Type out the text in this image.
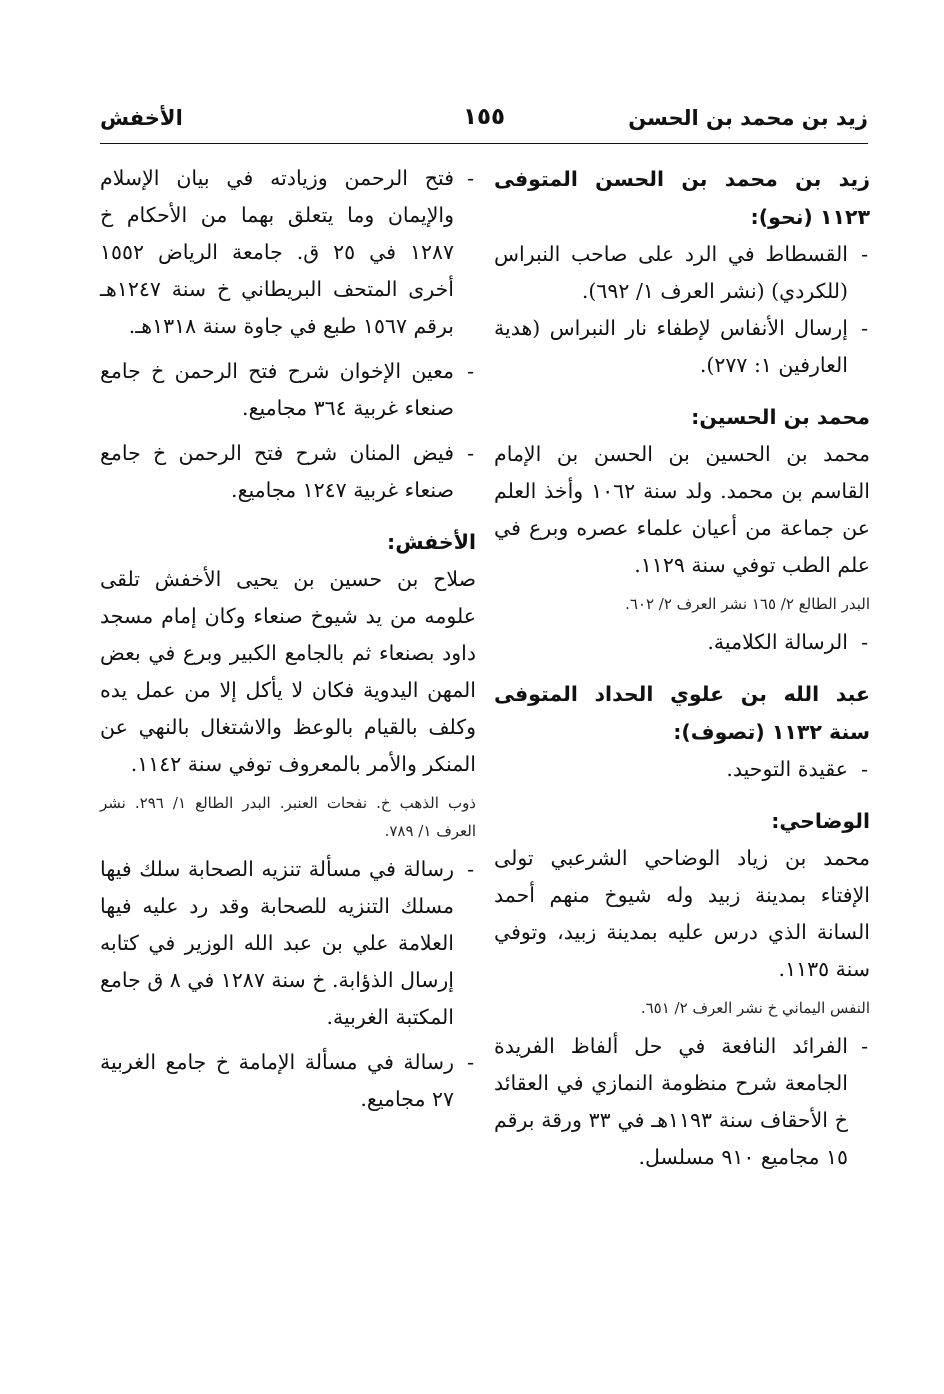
زيد بن محمد بن الحسن
١٥٥
الأخفش

زيد بن محمد بن الحسن المتوفى ١١٢٣ (نحو):

- القسطاط في الرد على صاحب النبراس (للكردي) (نشر العرف ١/ ٦٩٢).

- إرسال الأنفاس لإطفاء نار النبراس (هدية العارفين ١: ٢٧٧).

محمد بن الحسين:

محمد بن الحسين بن الحسن بن الإمام القاسم بن محمد. ولد سنة ١٠٦٢ وأخذ العلم عن جماعة من أعيان علماء عصره وبرع في علم الطب توفي سنة ١١٢٩.

البدر الطالع ٢/ ١٦٥ نشر العرف ٢/ ٦٠٢.

- الرسالة الكلامية.

عبد الله بن علوي الحداد المتوفى سنة ١١٣٢ (تصوف):

- عقيدة التوحيد.

الوضاحي:

محمد بن زياد الوضاحي الشرعبي تولى الإفتاء بمدينة زبيد وله شيوخ منهم أحمد السانة الذي درس عليه بمدينة زبيد، وتوفي سنة ١١٣٥.

النفس اليماني خ نشر العرف ٢/ ٦٥١.

- الفرائد النافعة في حل ألفاظ الفريدة الجامعة شرح منظومة النمازي في العقائد خ الأحقاف سنة ١١٩٣هـ في ٣٣ ورقة برقم ١٥ مجاميع ٩١٠ مسلسل.

- فتح الرحمن وزيادته في بيان الإسلام والإيمان وما يتعلق بهما من الأحكام خ ١٢٨٧ في ٢٥ ق. جامعة الرياض ١٥٥٢ أخرى المتحف البريطاني خ سنة ١٢٤٧هـ برقم ١٥٦٧ طبع في جاوة سنة ١٣١٨هـ.

- معين الإخوان شرح فتح الرحمن خ جامع صنعاء غربية ٣٦٤ مجاميع.

- فيض المنان شرح فتح الرحمن خ جامع صنعاء غربية ١٢٤٧ مجاميع.

الأخفش:

صلاح بن حسين بن يحيى الأخفش تلقى علومه من يد شيوخ صنعاء وكان إمام مسجد داود بصنعاء ثم بالجامع الكبير وبرع في بعض المهن اليدوية فكان لا يأكل إلا من عمل يده وكلف بالقيام بالوعظ والاشتغال بالنهي عن المنكر والأمر بالمعروف توفي سنة ١١٤٢.

ذوب الذهب خ. نفحات العنبر. البدر الطالع ١/ ٢٩٦. نشر العرف ١/ ٧٨٩.

- رسالة في مسألة تنزيه الصحابة سلك فيها مسلك التنزيه للصحابة وقد رد عليه فيها العلامة علي بن عبد الله الوزير في كتابه إرسال الذؤابة. خ سنة ١٢٨٧ في ٨ ق جامع المكتبة الغربية.

- رسالة في مسألة الإمامة خ جامع الغربية ٢٧ مجاميع.
